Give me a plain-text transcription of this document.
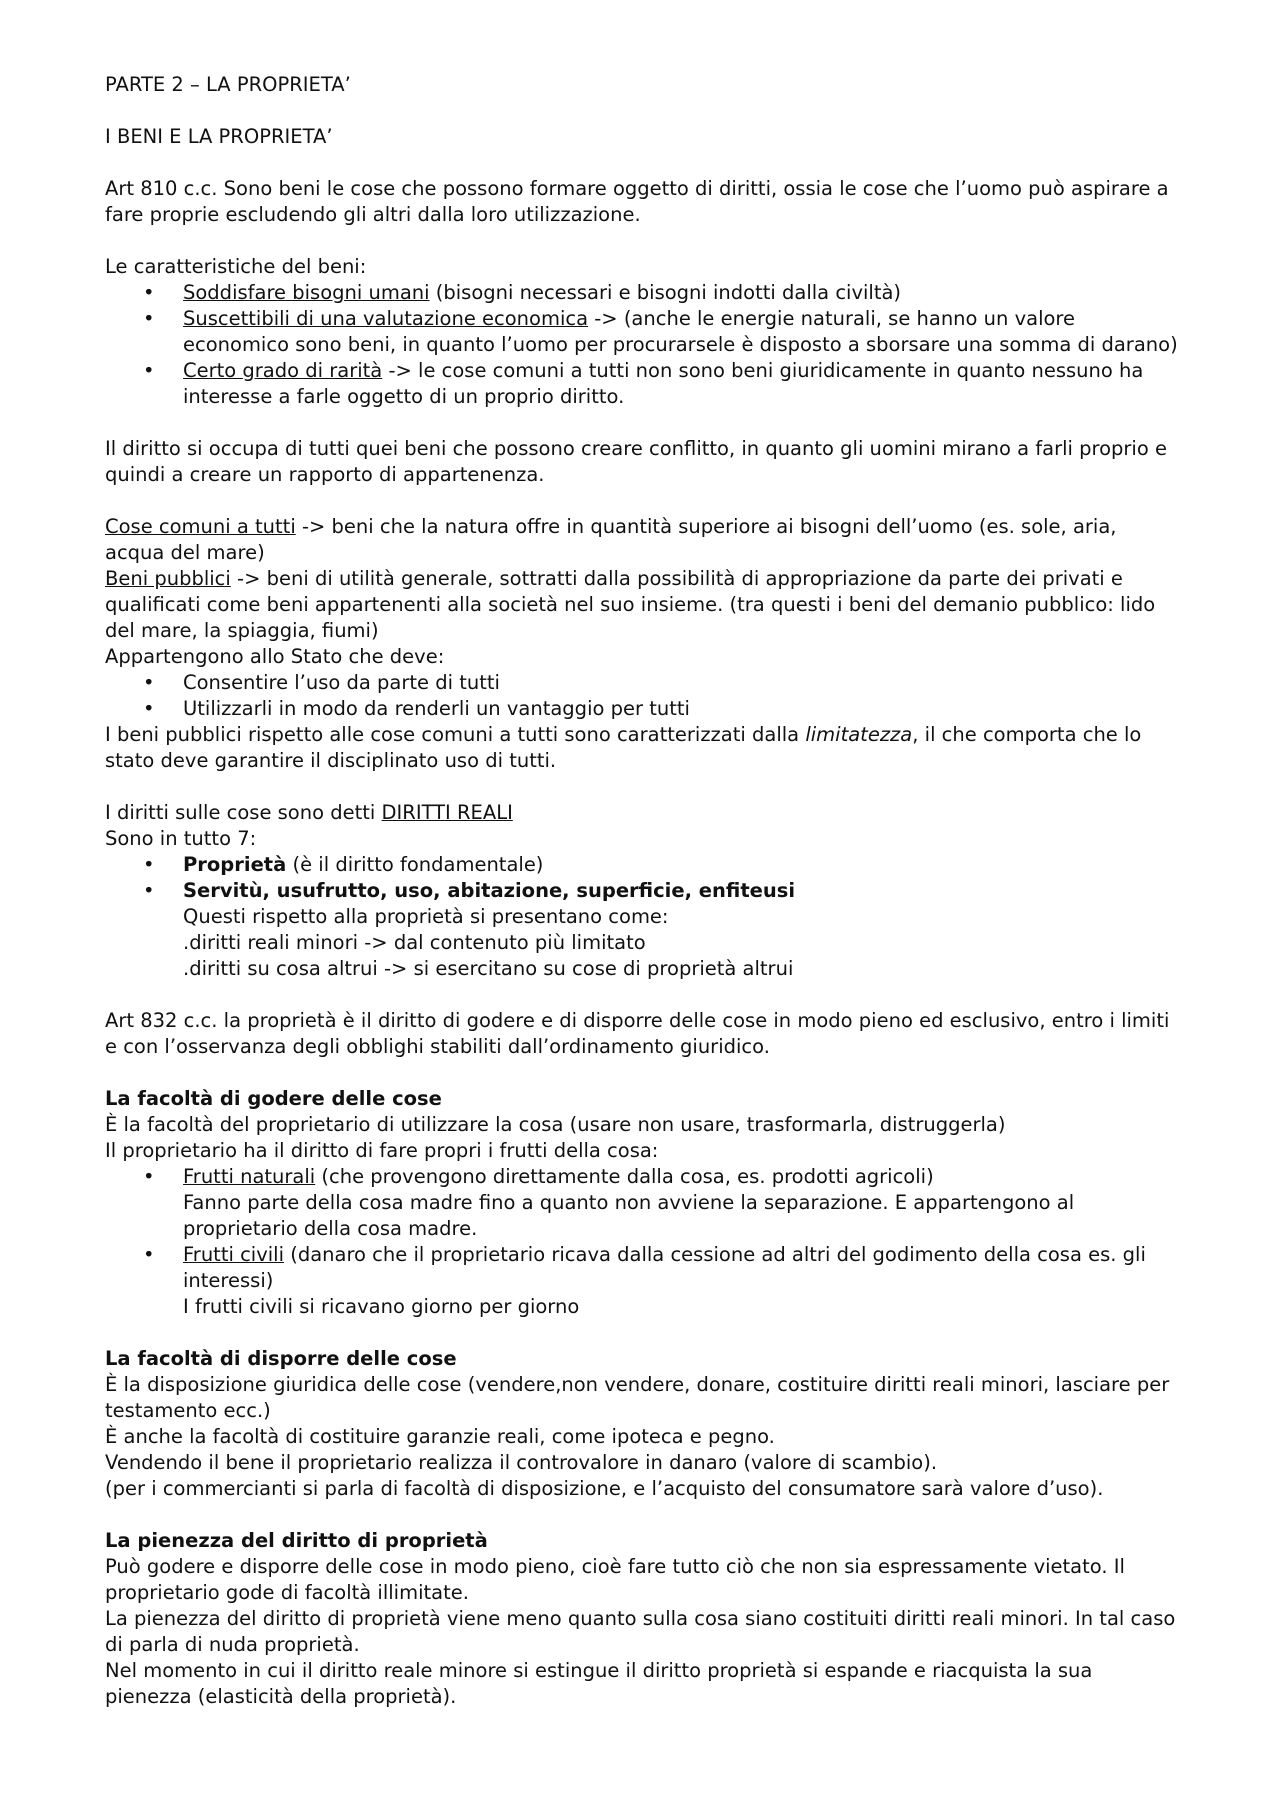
PARTE 2 – LA PROPRIETA’

I BENI E LA PROPRIETA’

Art 810 c.c. Sono beni le cose che possono formare oggetto di diritti, ossia le cose che l’uomo può aspirare a fare proprie escludendo gli altri dalla loro utilizzazione.

Le caratteristiche del beni:

• Soddisfare bisogni umani (bisogni necessari e bisogni indotti dalla civiltà)
• Suscettibili di una valutazione economica -> (anche le energie naturali, se hanno un valore economico sono beni, in quanto l’uomo per procurarsele è disposto a sborsare una somma di darano)
• Certo grado di rarità -> le cose comuni a tutti non sono beni giuridicamente in quanto nessuno ha interesse a farle oggetto di un proprio diritto.

Il diritto si occupa di tutti quei beni che possono creare conflitto, in quanto gli uomini mirano a farli proprio e quindi a creare un rapporto di appartenenza.

Cose comuni a tutti -> beni che la natura offre in quantità superiore ai bisogni dell’uomo (es. sole, aria, acqua del mare)

Beni pubblici -> beni di utilità generale, sottratti dalla possibilità di appropriazione da parte dei privati e qualificati come beni appartenenti alla società nel suo insieme. (tra questi i beni del demanio pubblico: lido del mare, la spiaggia, fiumi)

Appartengono allo Stato che deve:

• Consentire l’uso da parte di tutti
• Utilizzarli in modo da renderli un vantaggio per tutti

I beni pubblici rispetto alle cose comuni a tutti sono caratterizzati dalla limitatezza, il che comporta che lo stato deve garantire il disciplinato uso di tutti.

I diritti sulle cose sono detti DIRITTI REALI

Sono in tutto 7:

• Proprietà (è il diritto fondamentale)
• Servitù, usufrutto, uso, abitazione, superficie, enfiteusi

Questi rispetto alla proprietà si presentano come:

.diritti reali minori -> dal contenuto più limitato

.diritti su cosa altrui -> si esercitano su cose di proprietà altrui

Art 832 c.c. la proprietà è il diritto di godere e di disporre delle cose in modo pieno ed esclusivo, entro i limiti e con l’osservanza degli obblighi stabiliti dall’ordinamento giuridico.

La facoltà di godere delle cose

È la facoltà del proprietario di utilizzare la cosa (usare non usare, trasformarla, distruggerla)

Il proprietario ha il diritto di fare propri i frutti della cosa:

• Frutti naturali (che provengono direttamente dalla cosa, es. prodotti agricoli)

Fanno parte della cosa madre fino a quanto non avviene la separazione. E appartengono al proprietario della cosa madre.

• Frutti civili (danaro che il proprietario ricava dalla cessione ad altri del godimento della cosa es. gli interessi)

I frutti civili si ricavano giorno per giorno

La facoltà di disporre delle cose

È la disposizione giuridica delle cose (vendere,non vendere, donare, costituire diritti reali minori, lasciare per testamento ecc.)

È anche la facoltà di costituire garanzie reali, come ipoteca e pegno.

Vendendo il bene il proprietario realizza il controvalore in danaro (valore di scambio).

(per i commercianti si parla di facoltà di disposizione, e l’acquisto del consumatore sarà valore d’uso).

La pienezza del diritto di proprietà

Può godere e disporre delle cose in modo pieno, cioè fare tutto ciò che non sia espressamente vietato. Il proprietario gode di facoltà illimitate.

La pienezza del diritto di proprietà viene meno quanto sulla cosa siano costituiti diritti reali minori. In tal caso di parla di nuda proprietà.

Nel momento in cui il diritto reale minore si estingue il diritto proprietà si espande e riacquista la sua pienezza (elasticità della proprietà).
